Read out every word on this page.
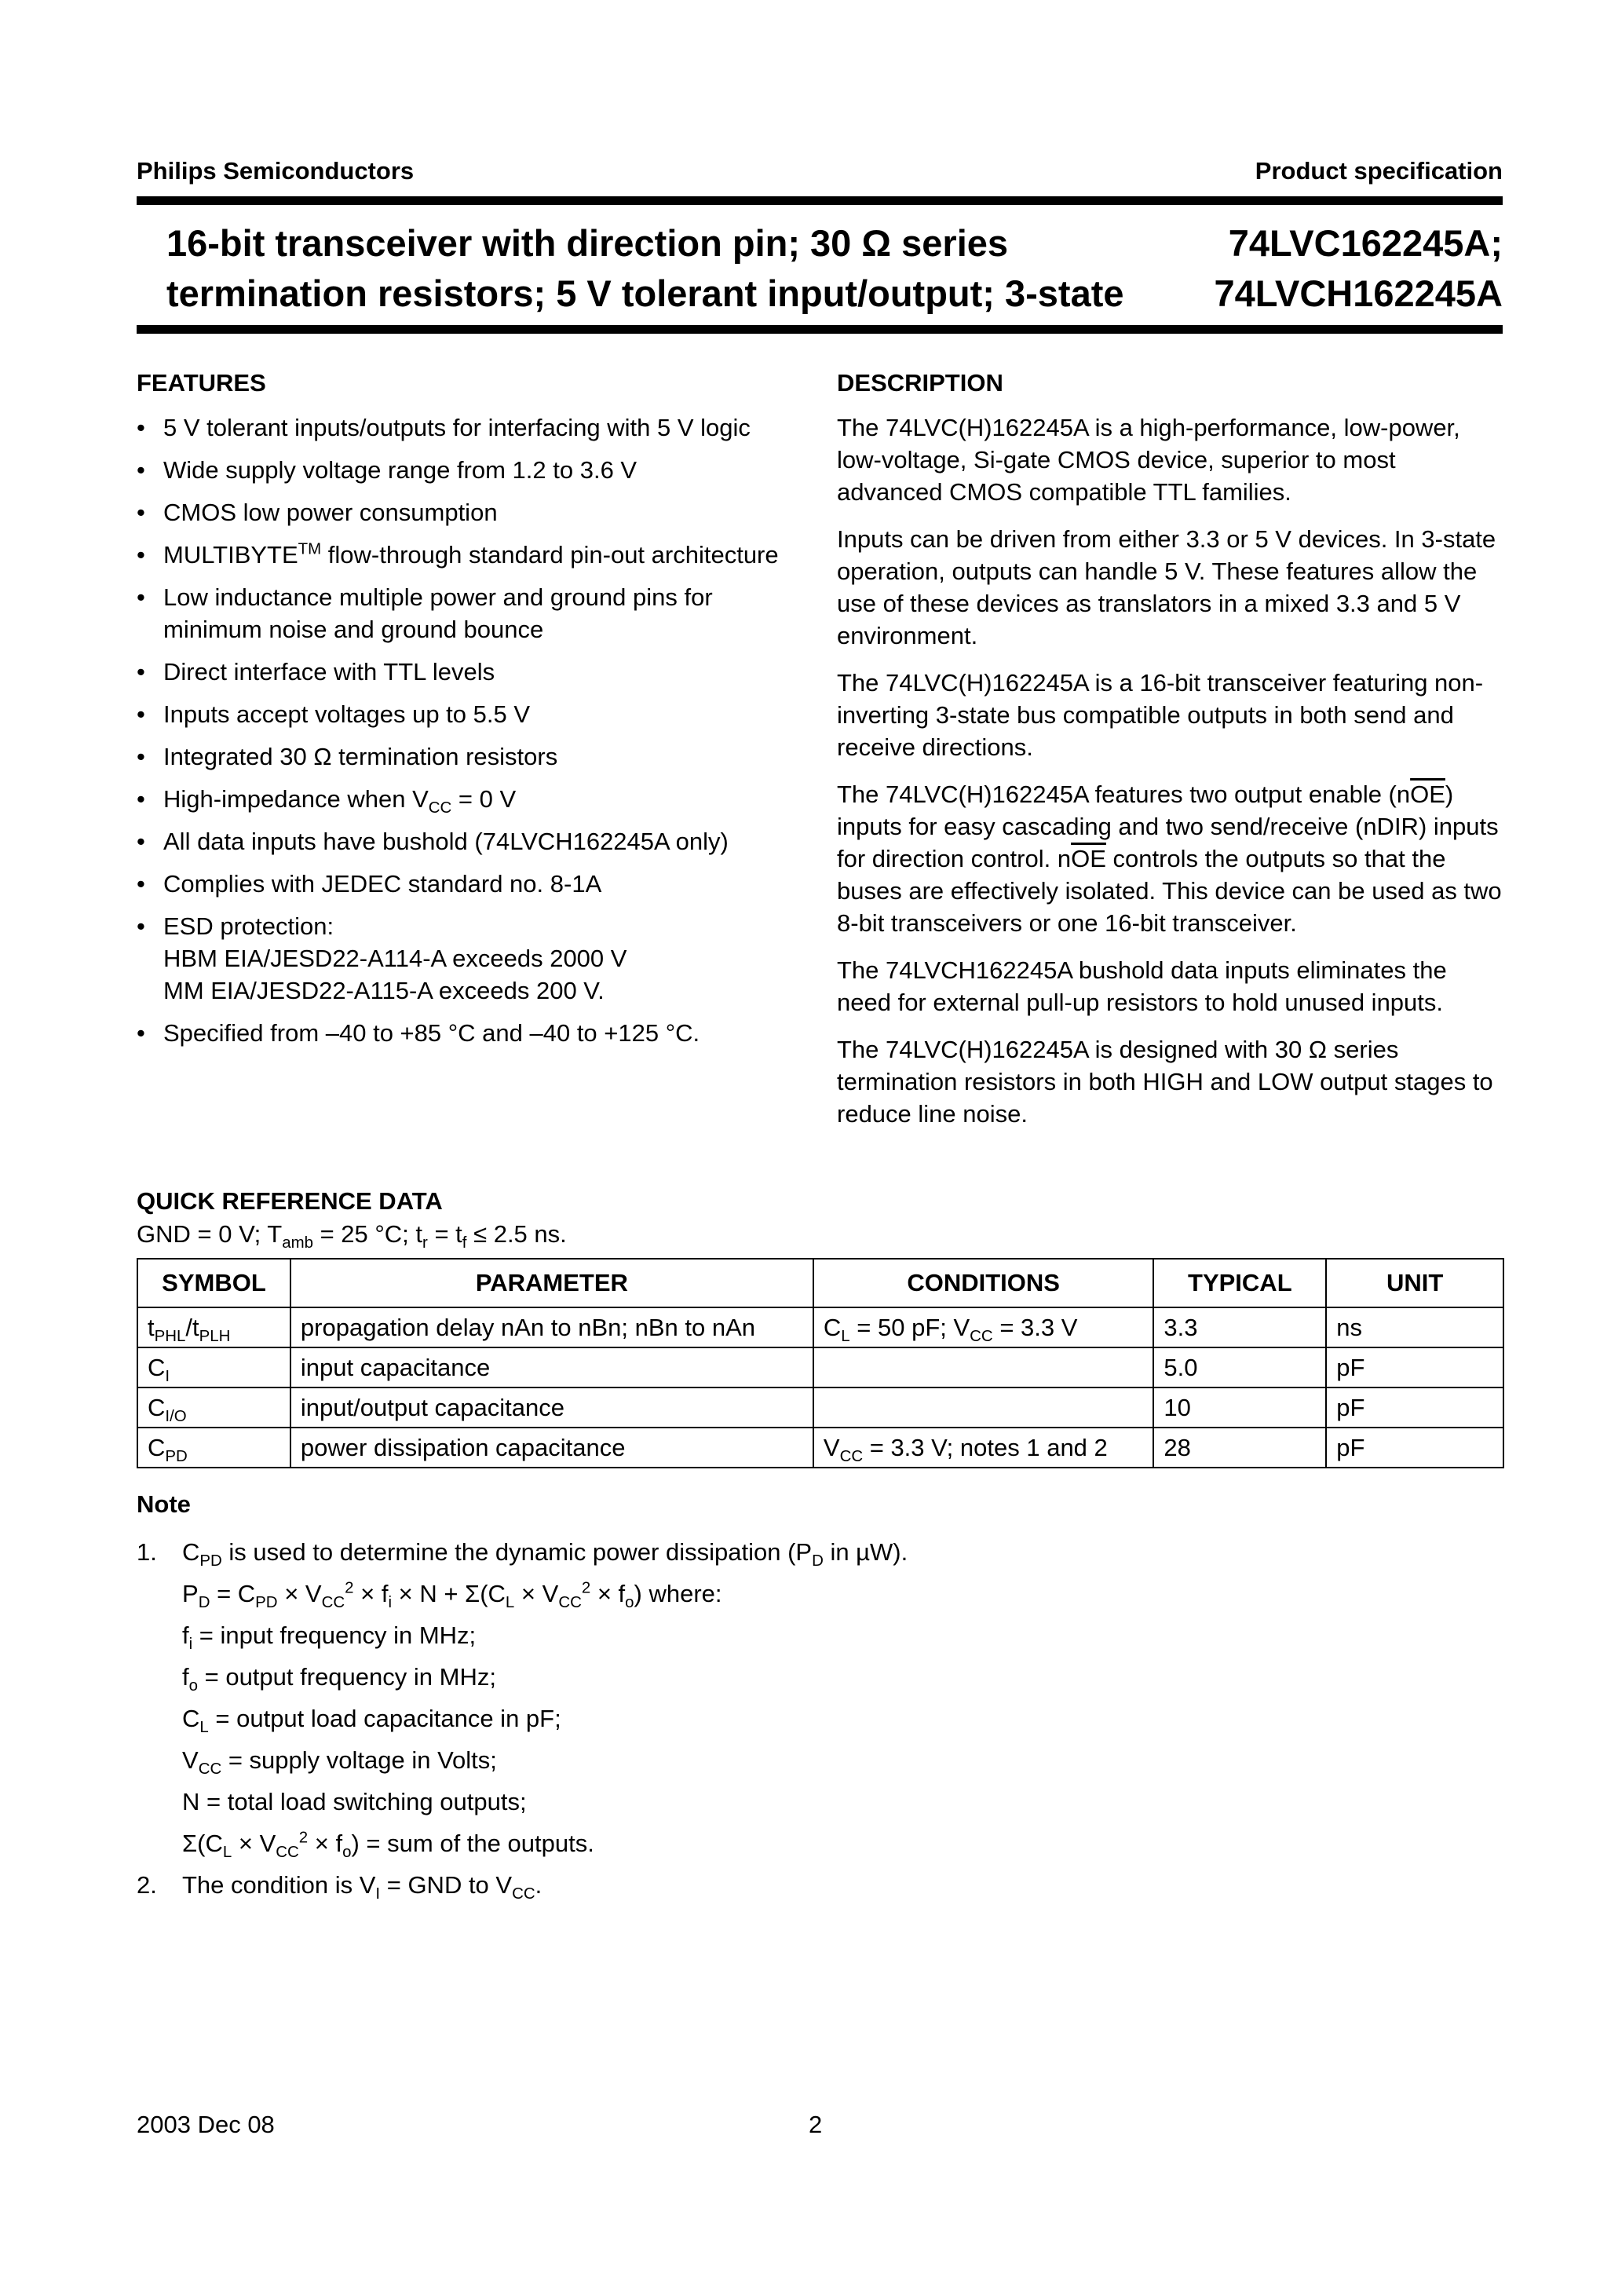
Philips Semiconductors	Product specification
16-bit transceiver with direction pin; 30 Ω series
termination resistors; 5 V tolerant input/output; 3-state
74LVC162245A;
74LVCH162245A
FEATURES
• 5 V tolerant inputs/outputs for interfacing with 5 V logic
• Wide supply voltage range from 1.2 to 3.6 V
• CMOS low power consumption
• MULTIBYTE™ flow-through standard pin-out architecture
• Low inductance multiple power and ground pins for minimum noise and ground bounce
• Direct interface with TTL levels
• Inputs accept voltages up to 5.5 V
• Integrated 30 Ω termination resistors
• High-impedance when $V_{CC} = 0$ V
• All data inputs have bushold (74LVCH162245A only)
• Complies with JEDEC standard no. 8-1A
• ESD protection:
HBM EIA/JESD22-A114-A exceeds 2000 V
MM EIA/JESD22-A115-A exceeds 200 V.
• Specified from –40 to +85 °C and –40 to +125 °C.
DESCRIPTION

The 74LVC(H)162245A is a high-performance, low-power, low-voltage, Si-gate CMOS device, superior to most advanced CMOS compatible TTL families.

Inputs can be driven from either 3.3 or 5 V devices. In 3-state operation, outputs can handle 5 V. These features allow the use of these devices as translators in a mixed 3.3 and 5 V environment.

The 74LVC(H)162245A is a 16-bit transceiver featuring non-inverting 3-state bus compatible outputs in both send and receive directions.

The 74LVC(H)162245A features two output enable $(n\overline{OE})$ inputs for easy cascading and two send/receive (nDIR) inputs for direction control. $n\overline{OE}$ controls the outputs so that the buses are effectively isolated. This device can be used as two 8-bit transceivers or one 16-bit transceiver.

The 74LVCH162245A bushold data inputs eliminates the need for external pull-up resistors to hold unused inputs.

The 74LVC(H)162245A is designed with 30 Ω series termination resistors in both HIGH and LOW output stages to reduce line noise.

QUICK REFERENCE DATA
GND = 0 V; $T_{amb} = 25$ °C; $t_r = t_f \le 2.5$ ns.
SYMBOL	PARAMETER	CONDITIONS	TYPICAL	UNIT
$t_{PHL}/t_{PLH}$	propagation delay nAn to nBn; nBn to nAn	$C_L = 50$ pF; $V_{CC} = 3.3$ V	3.3	ns
$C_I$	input capacitance		5.0	pF
$C_{I/O}$	input/output capacitance		10	pF
$C_{PD}$	power dissipation capacitance	$V_{CC} = 3.3$ V; notes 1 and 2	28	pF
Note
1.	$C_{PD}$ is used to determine the dynamic power dissipation ($P_D$ in µW).
$P_D = C_{PD} \times V_{CC}^2 \times f_i \times N + \Sigma(C_L \times V_{CC}^2 \times f_o)$ where:
$f_i$ = input frequency in MHz;
$f_o$ = output frequency in MHz;
$C_L$ = output load capacitance in pF;
$V_{CC}$ = supply voltage in Volts;
N = total load switching outputs;
$\Sigma(C_L \times V_{CC}^2 \times f_o)$ = sum of the outputs.
2.	The condition is $V_I$ = GND to $V_{CC}$.
2003 Dec 08	2
